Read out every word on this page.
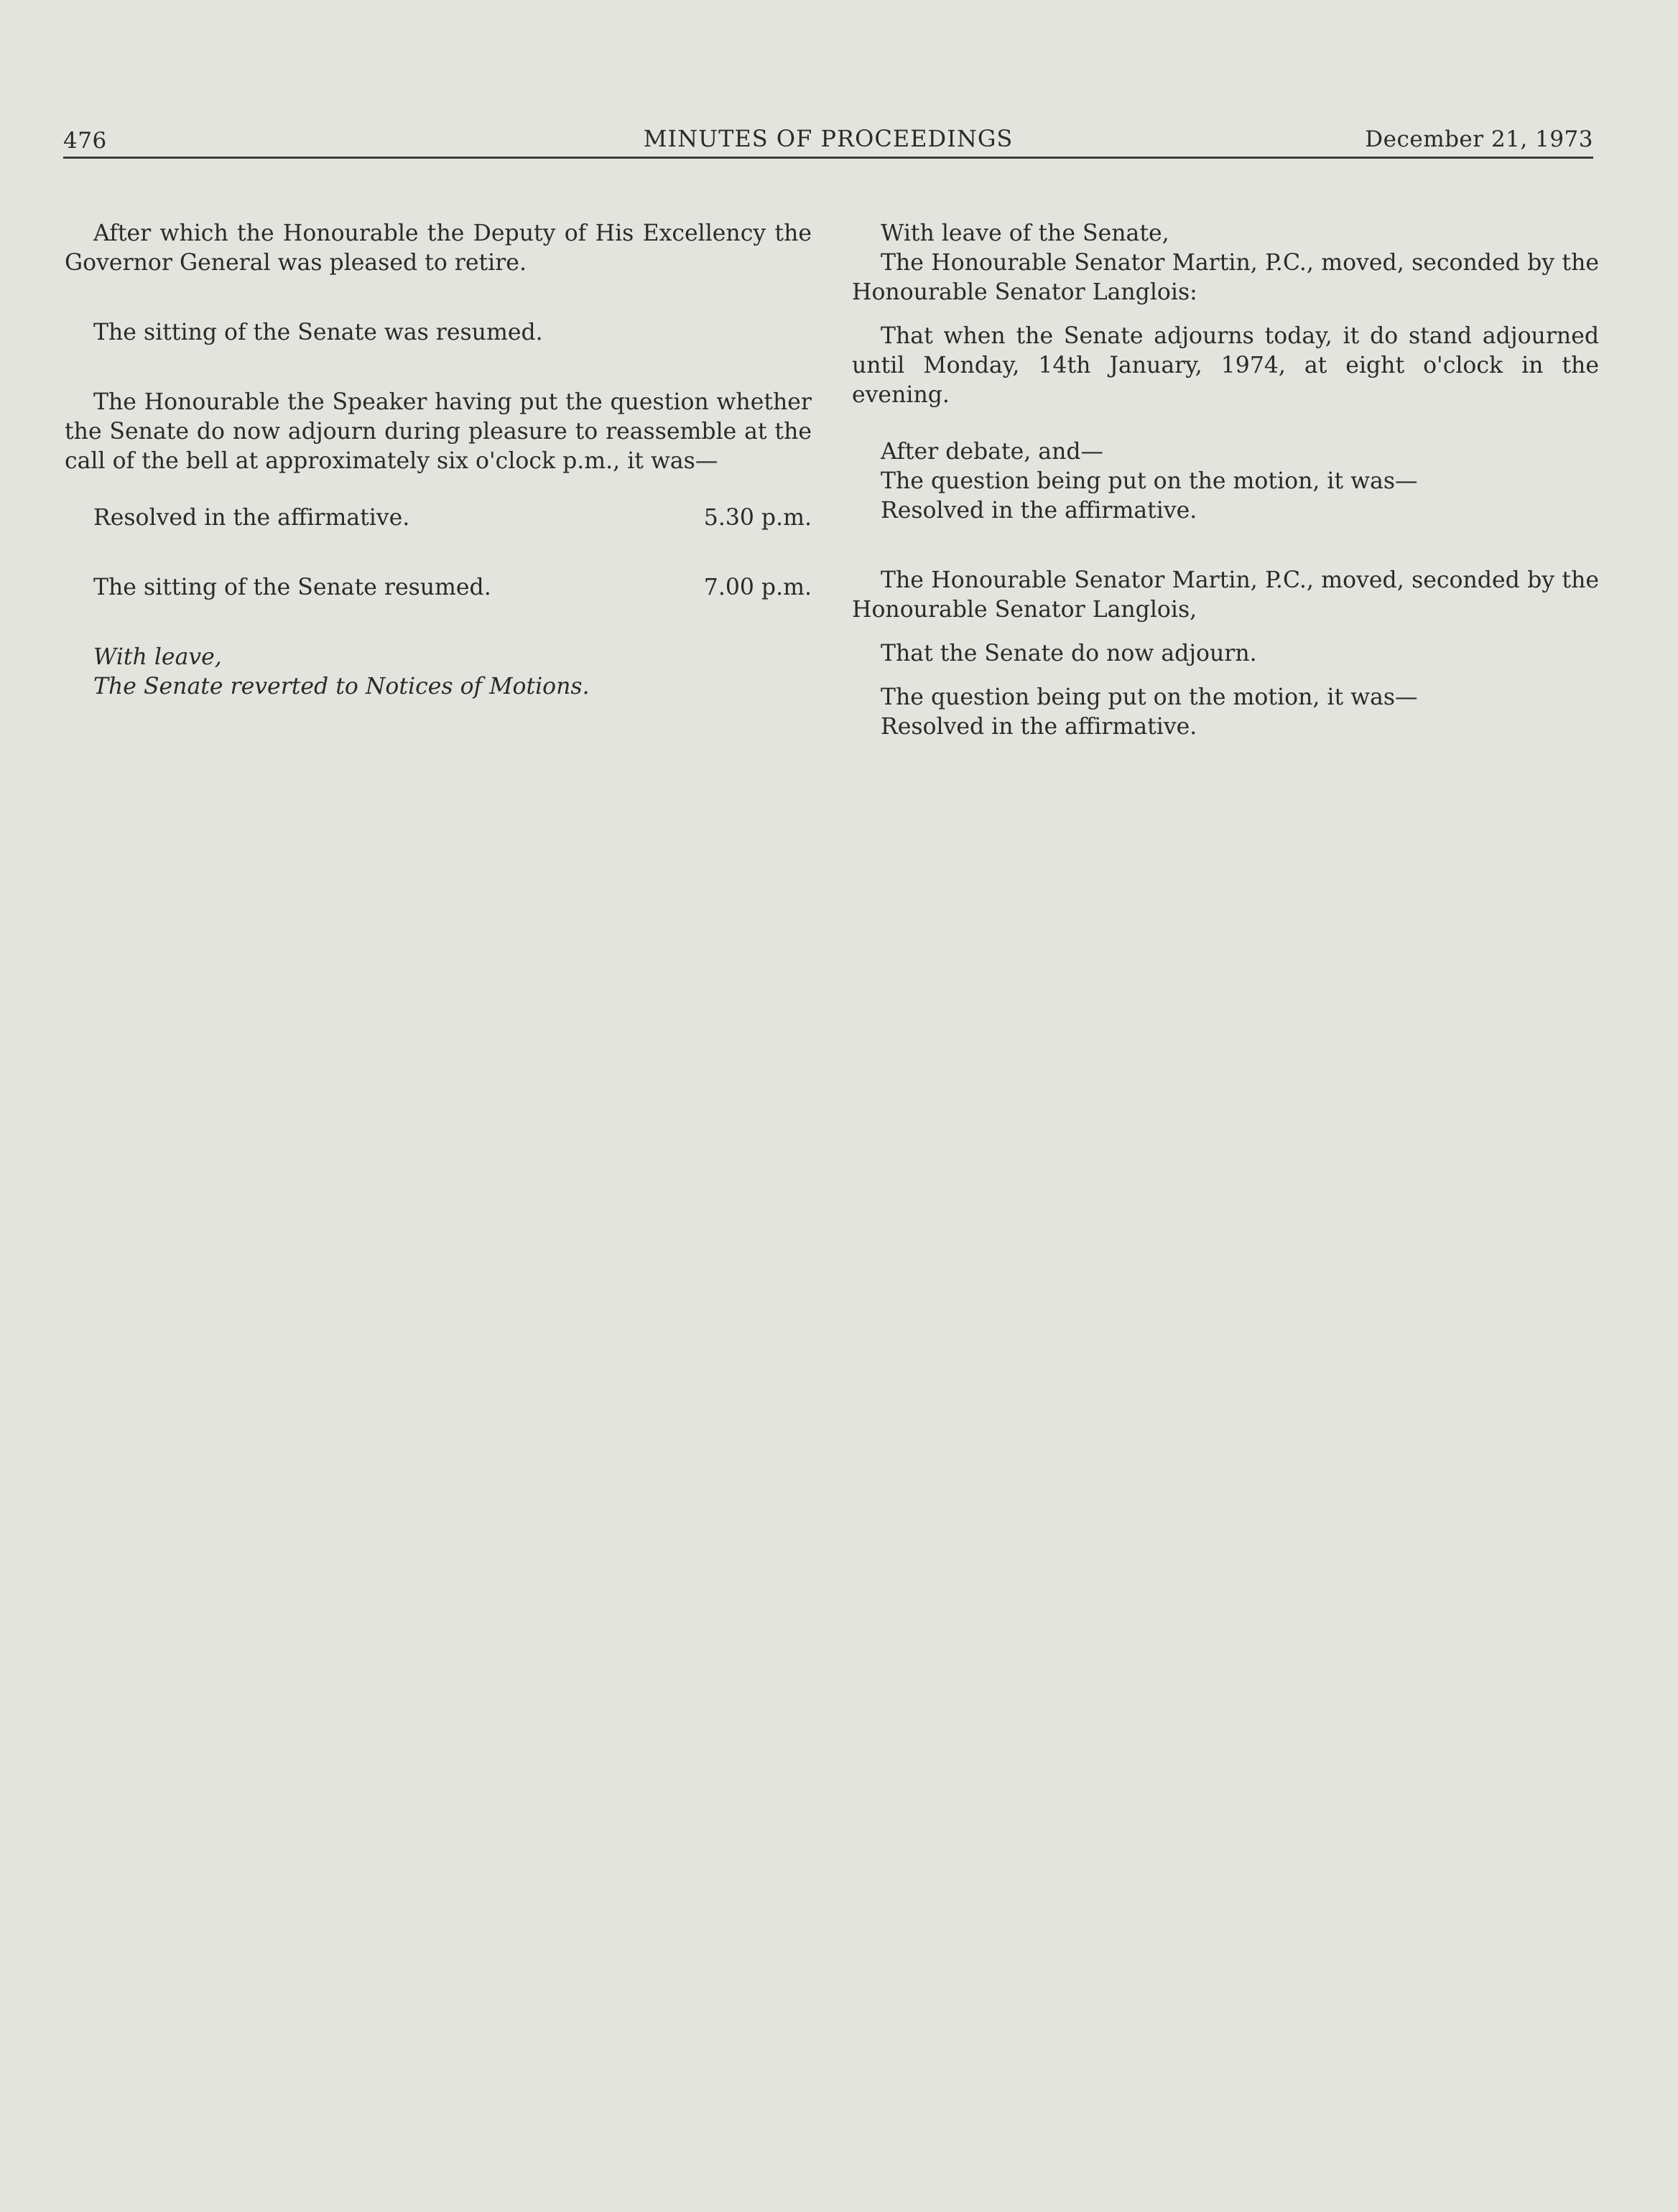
476	MINUTES OF PROCEEDINGS	December 21, 1973

After which the Honourable the Deputy of His Excellency the Governor General was pleased to retire.

The sitting of the Senate was resumed.

The Honourable the Speaker having put the question whether the Senate do now adjourn during pleasure to reassemble at the call of the bell at approximately six o'clock p.m., it was—

Resolved in the affirmative.	5.30 p.m.

The sitting of the Senate resumed.	7.00 p.m.

With leave,

The Senate reverted to Notices of Motions.

With leave of the Senate,

The Honourable Senator Martin, P.C., moved, seconded by the Honourable Senator Langlois:

That when the Senate adjourns today, it do stand adjourned until Monday, 14th January, 1974, at eight o'clock in the evening.

After debate, and—

The question being put on the motion, it was—

Resolved in the affirmative.

The Honourable Senator Martin, P.C., moved, seconded by the Honourable Senator Langlois,

That the Senate do now adjourn.

The question being put on the motion, it was—

Resolved in the affirmative.
